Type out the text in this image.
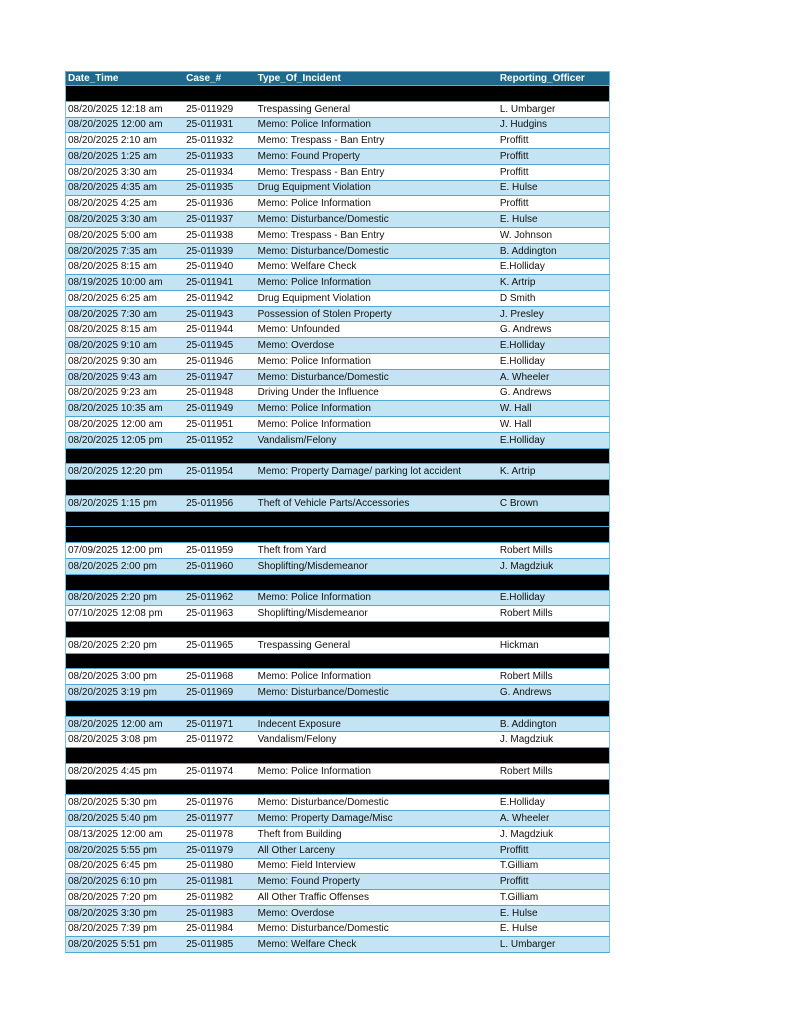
Date_Time	Case_#	Type_Of_Incident	Reporting_Officer
08/20/2025 12:18 am	25-011929	Trespassing General	L. Umbarger
08/20/2025 12:00 am	25-011931	Memo: Police Information	J. Hudgins
08/20/2025 2:10 am	25-011932	Memo: Trespass - Ban Entry	Proffitt
08/20/2025 1:25 am	25-011933	Memo: Found Property	Proffitt
08/20/2025 3:30 am	25-011934	Memo: Trespass - Ban Entry	Proffitt
08/20/2025 4:35 am	25-011935	Drug Equipment Violation	E. Hulse
08/20/2025 4:25 am	25-011936	Memo: Police Information	Proffitt
08/20/2025 3:30 am	25-011937	Memo: Disturbance/Domestic	E. Hulse
08/20/2025 5:00 am	25-011938	Memo: Trespass - Ban Entry	W. Johnson
08/20/2025 7:35 am	25-011939	Memo: Disturbance/Domestic	B. Addington
08/20/2025 8:15 am	25-011940	Memo: Welfare Check	E.Holliday
08/19/2025 10:00 am	25-011941	Memo: Police Information	K. Artrip
08/20/2025 6:25 am	25-011942	Drug Equipment Violation	D Smith
08/20/2025 7:30 am	25-011943	Possession of Stolen Property	J. Presley
08/20/2025 8:15 am	25-011944	Memo: Unfounded	G. Andrews
08/20/2025 9:10 am	25-011945	Memo: Overdose	E.Holliday
08/20/2025 9:30 am	25-011946	Memo: Police Information	E.Holliday
08/20/2025 9:43 am	25-011947	Memo: Disturbance/Domestic	A. Wheeler
08/20/2025 9:23 am	25-011948	Driving Under the Influence	G. Andrews
08/20/2025 10:35 am	25-011949	Memo: Police Information	W. Hall
08/20/2025 12:00 am	25-011951	Memo: Police Information	W. Hall
08/20/2025 12:05 pm	25-011952	Vandalism/Felony	E.Holliday
08/20/2025 12:20 pm	25-011954	Memo: Property Damage/ parking lot accident	K. Artrip
08/20/2025 1:15 pm	25-011956	Theft of Vehicle Parts/Accessories	C Brown
07/09/2025 12:00 pm	25-011959	Theft from Yard	Robert Mills
08/20/2025 2:00 pm	25-011960	Shoplifting/Misdemeanor	J. Magdziuk
08/20/2025 2:20 pm	25-011962	Memo: Police Information	E.Holliday
07/10/2025 12:08 pm	25-011963	Shoplifting/Misdemeanor	Robert Mills
08/20/2025 2:20 pm	25-011965	Trespassing General	Hickman
08/20/2025 3:00 pm	25-011968	Memo: Police Information	Robert Mills
08/20/2025 3:19 pm	25-011969	Memo: Disturbance/Domestic	G. Andrews
08/20/2025 12:00 am	25-011971	Indecent Exposure	B. Addington
08/20/2025 3:08 pm	25-011972	Vandalism/Felony	J. Magdziuk
08/20/2025 4:45 pm	25-011974	Memo: Police Information	Robert Mills
08/20/2025 5:30 pm	25-011976	Memo: Disturbance/Domestic	E.Holliday
08/20/2025 5:40 pm	25-011977	Memo: Property Damage/Misc	A. Wheeler
08/13/2025 12:00 am	25-011978	Theft from Building	J. Magdziuk
08/20/2025 5:55 pm	25-011979	All Other Larceny	Proffitt
08/20/2025 6:45 pm	25-011980	Memo: Field Interview	T.Gilliam
08/20/2025 6:10 pm	25-011981	Memo: Found Property	Proffitt
08/20/2025 7:20 pm	25-011982	All Other Traffic Offenses	T.Gilliam
08/20/2025 3:30 pm	25-011983	Memo: Overdose	E. Hulse
08/20/2025 7:39 pm	25-011984	Memo: Disturbance/Domestic	E. Hulse
08/20/2025 5:51 pm	25-011985	Memo: Welfare Check	L. Umbarger
